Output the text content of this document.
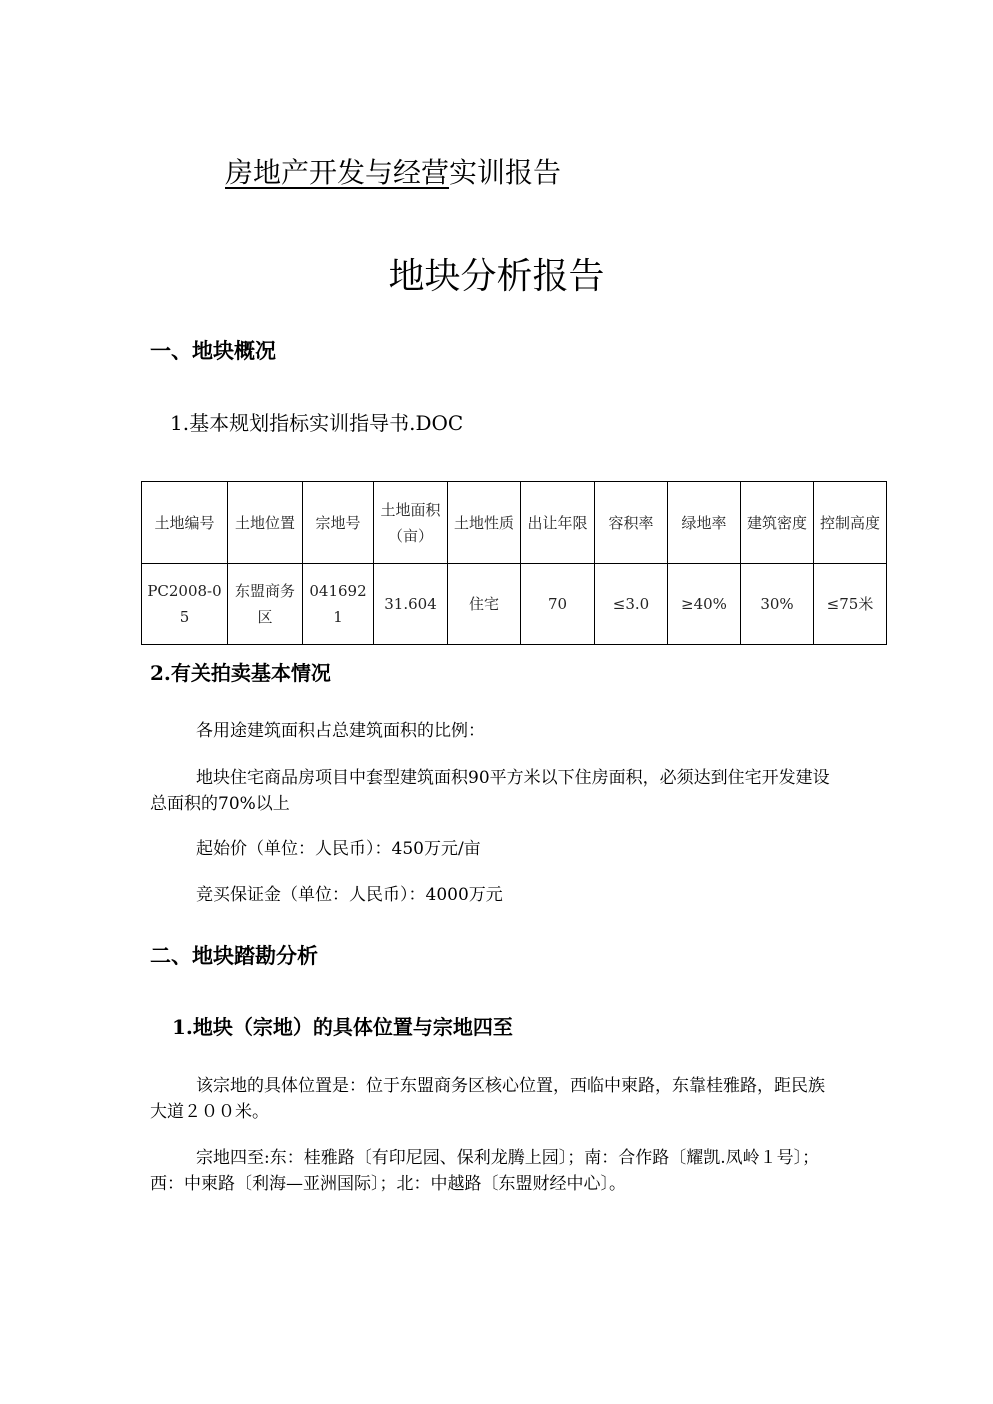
房地产开发与经营实训报告
地块分析报告
一、地块概况
1.基本规划指标实训指导书.DOC
土地编号	土地位置	宗地号	土地面积（亩）	土地性质	出让年限	容积率	绿地率	建筑密度	控制高度
PC2008-05	东盟商务区	0416921	31.604	住宅	70	≤3.0	≥40%	30%	≤75米
2.有关拍卖基本情况
各用途建筑面积占总建筑面积的比例：
地块住宅商品房项目中套型建筑面积90平方米以下住房面积，必须达到住宅开发建设总面积的70%以上
起始价（单位：人民币）：450万元/亩
竞买保证金（单位：人民币）：4000万元
二、地块踏勘分析
1.地块（宗地）的具体位置与宗地四至
该宗地的具体位置是：位于东盟商务区核心位置，西临中柬路，东靠桂雅路，距民族大道２００米。
宗地四至:东：桂雅路〔有印尼园、保利龙腾上园〕；南：合作路〔耀凯.凤岭１号〕；西：中柬路〔利海—亚洲国际〕；北：中越路〔东盟财经中心〕。
